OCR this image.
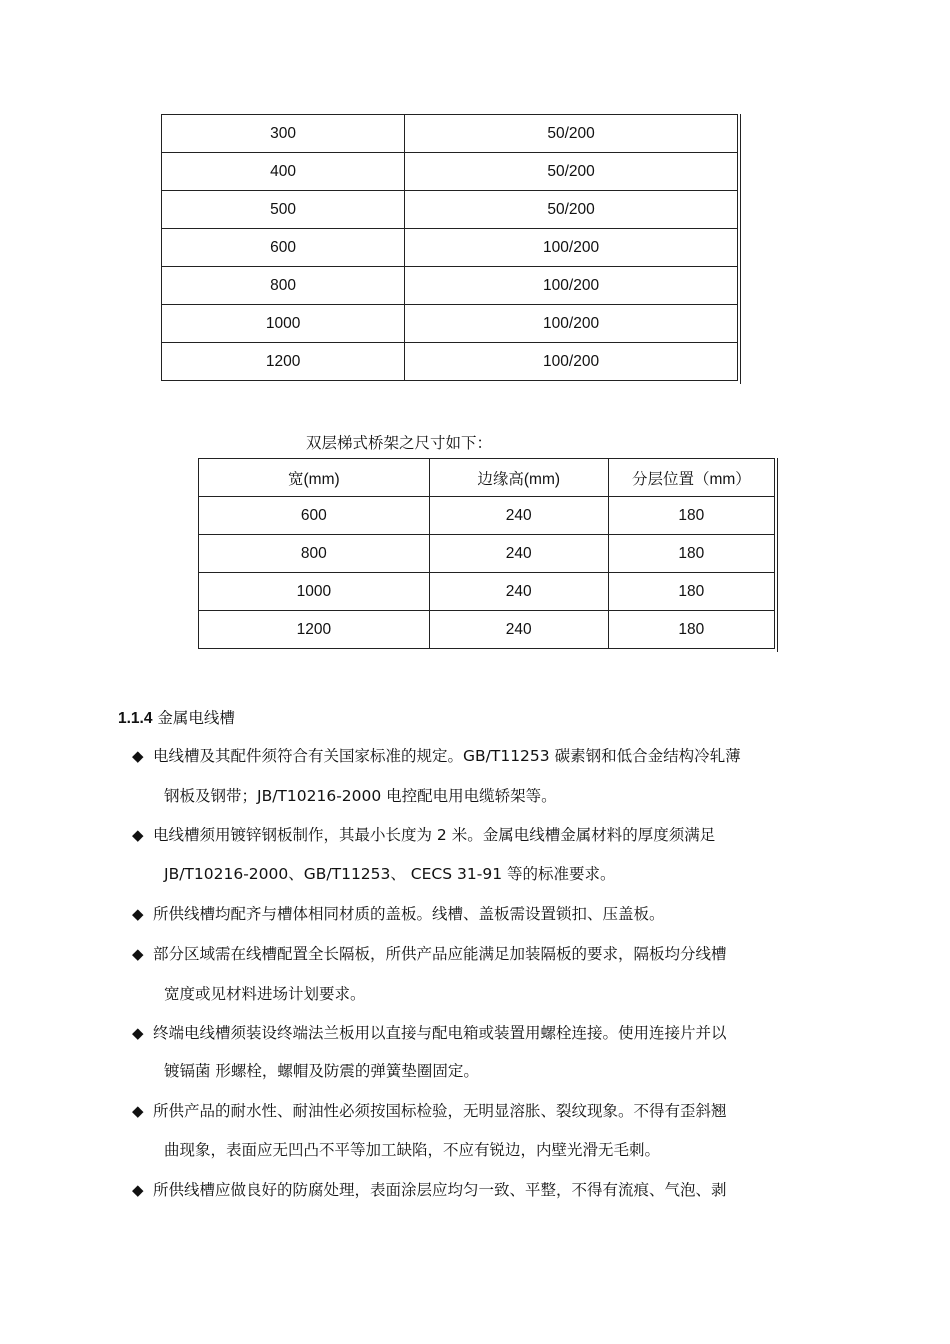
300	50/200
400	50/200
500	50/200
600	100/200
800	100/200
1000	100/200
1200	100/200
双层梯式桥架之尺寸如下：
宽(mm)	边缘高(mm)	分层位置（mm）
600	240	180
800	240	180
1000	240	180
1200	240	180
1.1.4 金属电线槽
◆ 电线槽及其配件须符合有关国家标准的规定。GB/T11253 碳素钢和低合金结构冷轧薄
钢板及钢带；JB/T10216-2000 电控配电用电缆轿架等。
◆ 电线槽须用镀锌钢板制作，其最小长度为 2 米。金属电线槽金属材料的厚度须满足
JB/T10216-2000、GB/T11253、 CECS 31-91 等的标准要求。
◆ 所供线槽均配齐与槽体相同材质的盖板。线槽、盖板需设置锁扣、压盖板。
◆ 部分区域需在线槽配置全长隔板，所供产品应能满足加装隔板的要求，隔板均分线槽
宽度或见材料进场计划要求。
◆ 终端电线槽须装设终端法兰板用以直接与配电箱或装置用螺栓连接。使用连接片并以
镀镉菌 形螺栓，螺帽及防震的弹簧垫圈固定。
◆ 所供产品的耐水性、耐油性必须按国标检验，无明显溶胀、裂纹现象。不得有歪斜翘
曲现象，表面应无凹凸不平等加工缺陷，不应有锐边，内壁光滑无毛刺。
◆ 所供线槽应做良好的防腐处理，表面涂层应均匀一致、平整，不得有流痕、气泡、剥
